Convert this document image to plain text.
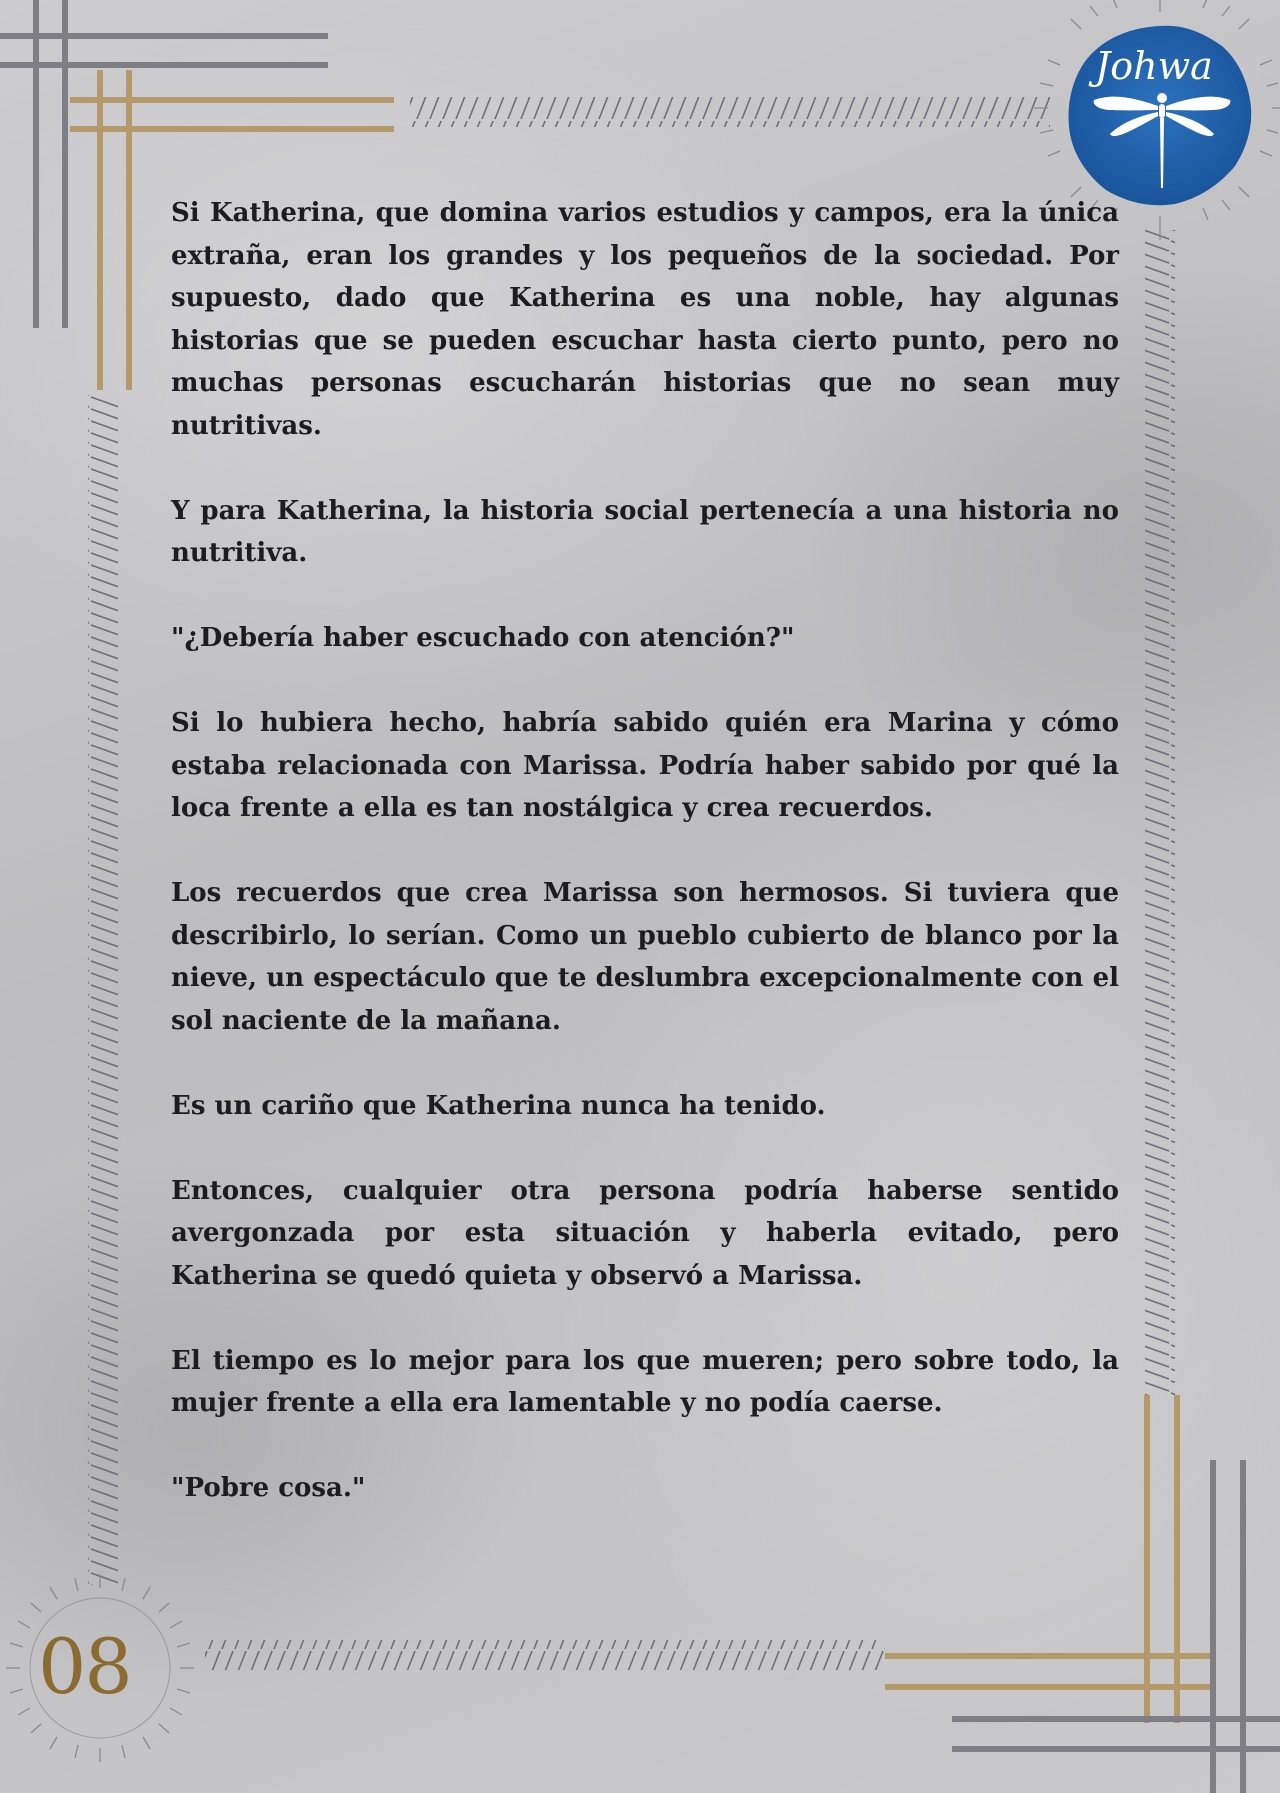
Johwa

Si Katherina, que domina varios estudios y campos, era la única extraña, eran los grandes y los pequeños de la sociedad. Por supuesto, dado que Katherina es una noble, hay algunas historias que se pueden escuchar hasta cierto punto, pero no muchas personas escucharán historias que no sean muy nutritivas.

Y para Katherina, la historia social pertenecía a una historia no nutritiva.

"¿Debería haber escuchado con atención?"

Si lo hubiera hecho, habría sabido quién era Marina y cómo estaba relacionada con Marissa. Podría haber sabido por qué la loca frente a ella es tan nostálgica y crea recuerdos.

Los recuerdos que crea Marissa son hermosos. Si tuviera que describirlo, lo serían. Como un pueblo cubierto de blanco por la nieve, un espectáculo que te deslumbra excepcionalmente con el sol naciente de la mañana.

Es un cariño que Katherina nunca ha tenido.

Entonces, cualquier otra persona podría haberse sentido avergonzada por esta situación y haberla evitado, pero Katherina se quedó quieta y observó a Marissa.

El tiempo es lo mejor para los que mueren; pero sobre todo, la mujer frente a ella era lamentable y no podía caerse.

"Pobre cosa."

08
